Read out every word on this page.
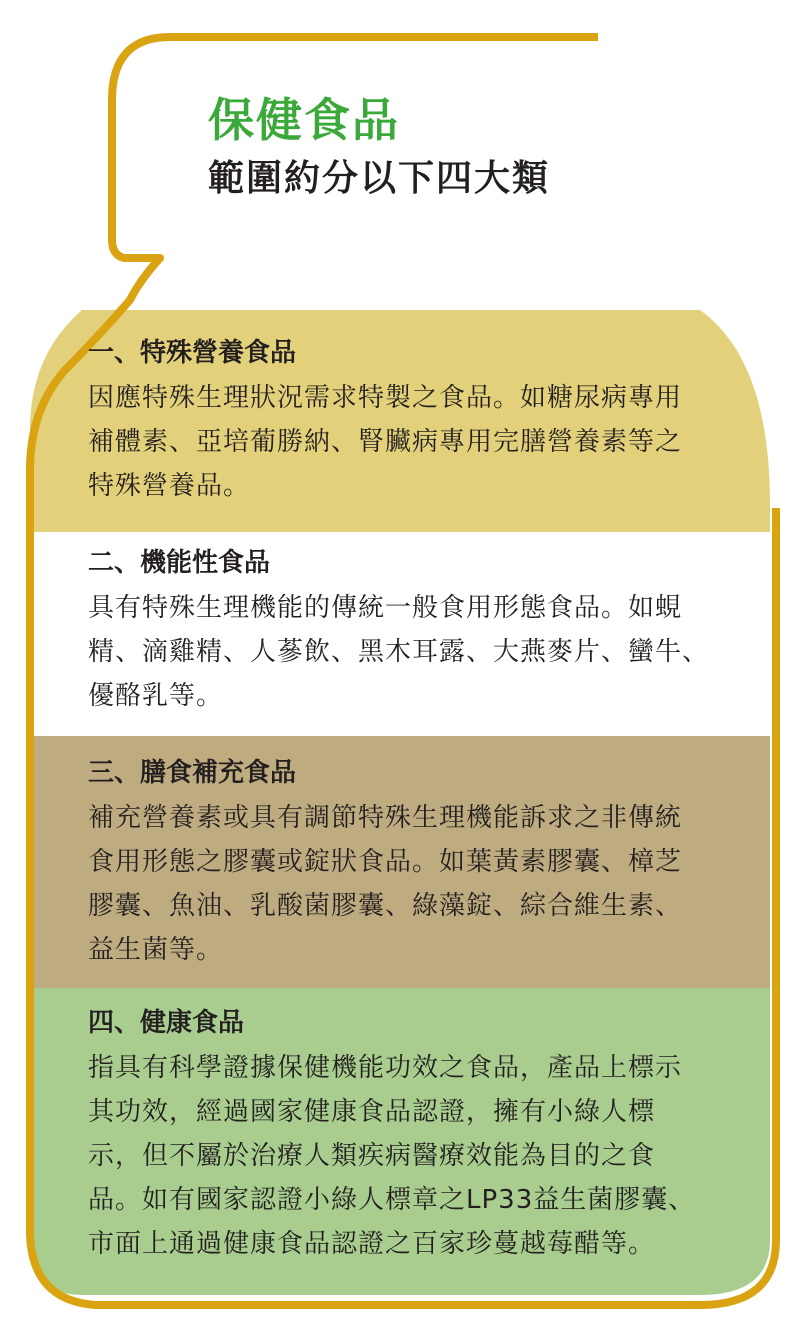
保健食品
範圍約分以下四大類

一、特殊營養食品

因應特殊生理狀況需求特製之食品。如糖尿病專用
補體素、亞培葡勝納、腎臟病專用完膳營養素等之
特殊營養品。

二、機能性食品

具有特殊生理機能的傳統一般食用形態食品。如蜆
精、滴雞精、人蔘飲、黑木耳露、大燕麥片、蠻牛、
優酪乳等。

三、膳食補充食品

補充營養素或具有調節特殊生理機能訴求之非傳統
食用形態之膠囊或錠狀食品。如葉黃素膠囊、樟芝
膠囊、魚油、乳酸菌膠囊、綠藻錠、綜合維生素、
益生菌等。

四、健康食品

指具有科學證據保健機能功效之食品，產品上標示
其功效，經過國家健康食品認證，擁有小綠人標
示，但不屬於治療人類疾病醫療效能為目的之食
品。如有國家認證小綠人標章之LP33益生菌膠囊、
市面上通過健康食品認證之百家珍蔓越莓醋等。
